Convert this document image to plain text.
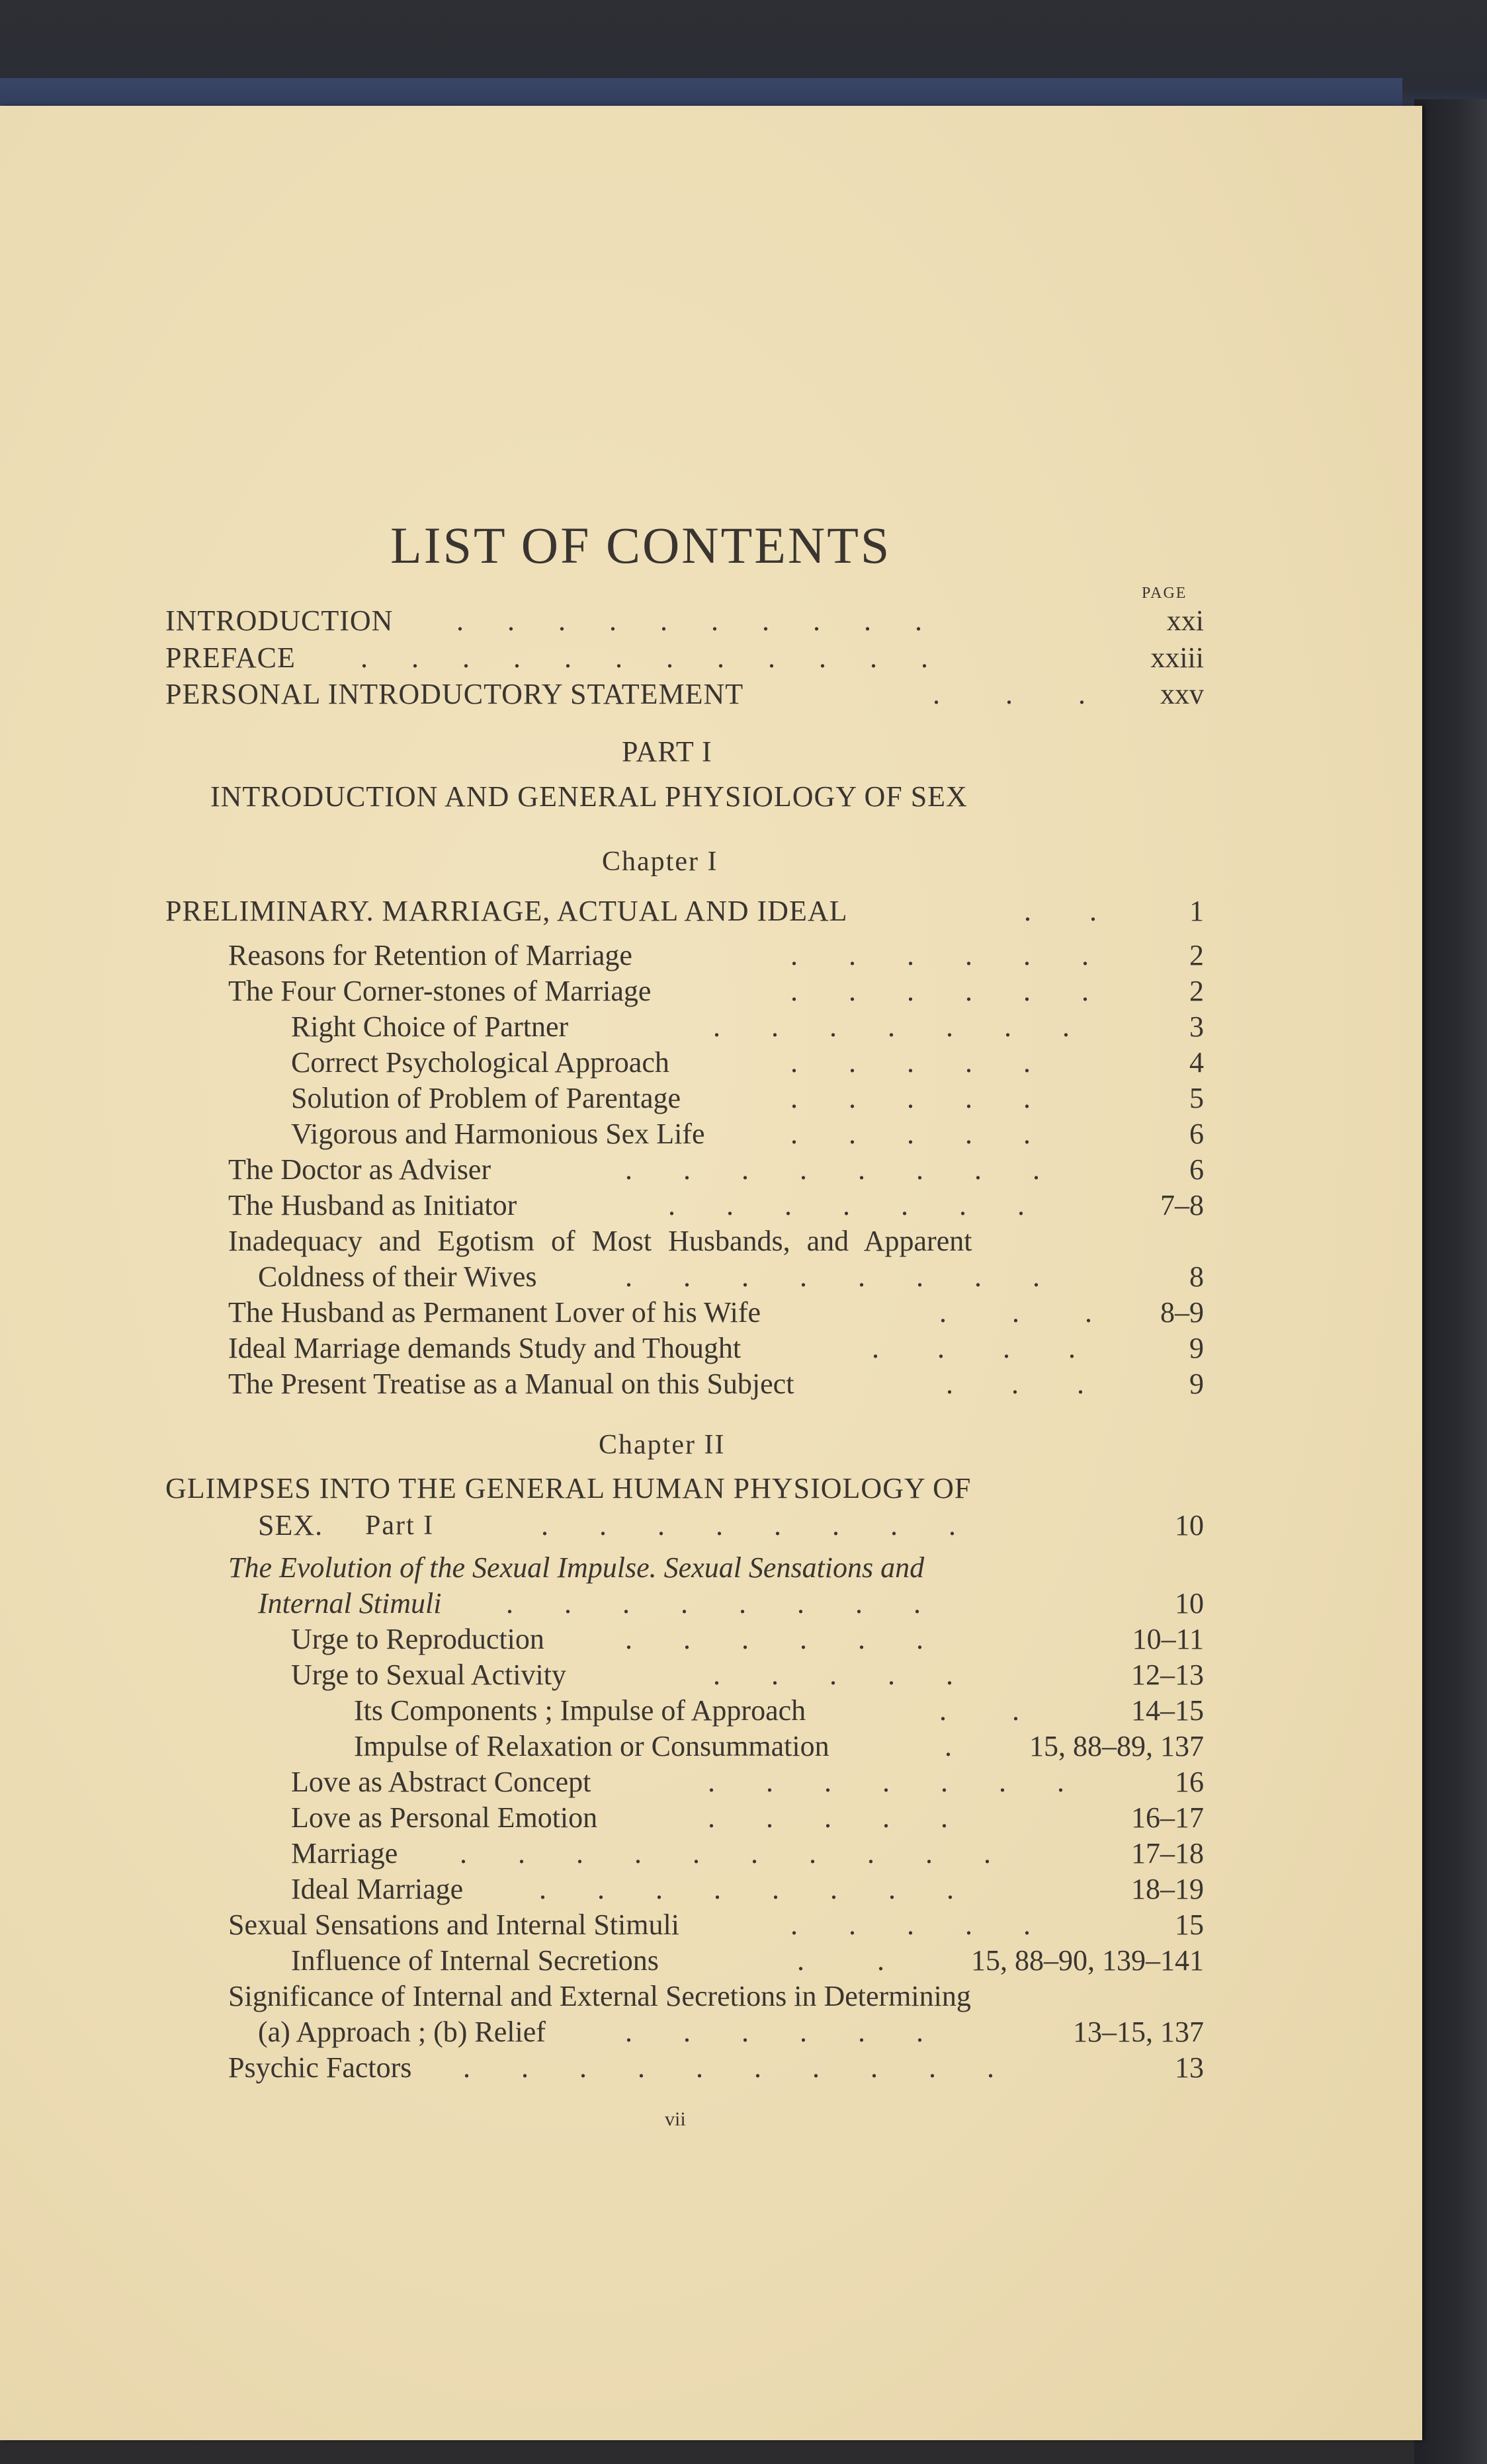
LIST OF CONTENTS
PAGE
INTRODUCTION .      .      .      .      .      .      .      .      .      .	xxi
PREFACE .      .      .      .      .      .      .      .      .      .      .      .	xxiii
PERSONAL INTRODUCTORY STATEMENT	.         .         .	xxv
PART I
INTRODUCTION AND GENERAL PHYSIOLOGY OF SEX
Chapter I
PRELIMINARY. MARRIAGE, ACTUAL AND IDEAL	.        .	1
Reasons for Retention of Marriage	.       .       .       .       .       .	2
The Four Corner-stones of Marriage	.       .       .       .       .       .	2
Right Choice of Partner	.       .       .       .       .       .       .	3
Correct Psychological Approach	.       .       .       .       .	4
Solution of Problem of Parentage	.       .       .       .       .	5
Vigorous and Harmonious Sex Life	.       .       .       .       .	6
The Doctor as Adviser	.       .       .       .       .       .       .       .	6
The Husband as Initiator	.       .       .       .       .       .       .	7–8
Inadequacy and Egotism of Most Husbands, and Apparent
Coldness of their Wives	.       .       .       .       .       .       .       .	8
The Husband as Permanent Lover of his Wife	.         .         .	8–9
Ideal Marriage demands Study and Thought	.        .        .        .	9
The Present Treatise as a Manual on this Subject	.        .        .	9
Chapter II
GLIMPSES INTO THE GENERAL HUMAN PHYSIOLOGY OF
SEX. Part I	.       .       .       .       .       .       .       .	10
The Evolution of the Sexual Impulse. Sexual Sensations and
Internal Stimuli .       .       .       .       .       .       .       .	10
Urge to Reproduction	.       .       .       .       .       .	10–11
Urge to Sexual Activity	.       .       .       .       .	12–13
Its Components ; Impulse of Approach	.         .	14–15
Impulse of Relaxation or Consummation	.	15, 88–89, 137
Love as Abstract Concept	.       .       .       .       .       .       .	16
Love as Personal Emotion	.       .       .       .       .	16–17
Marriage .       .       .       .       .       .       .       .       .       .	17–18
Ideal Marriage	.       .       .       .       .       .       .       .	18–19
Sexual Sensations and Internal Stimuli	.       .       .       .       .	15
Influence of Internal Secretions	.          .	15, 88–90, 139–141
Significance of Internal and External Secretions in Determining
(a) Approach ; (b) Relief	.       .       .       .       .       .	13–15, 137
Psychic Factors .       .       .       .       .       .       .       .       .       .	13
vii
